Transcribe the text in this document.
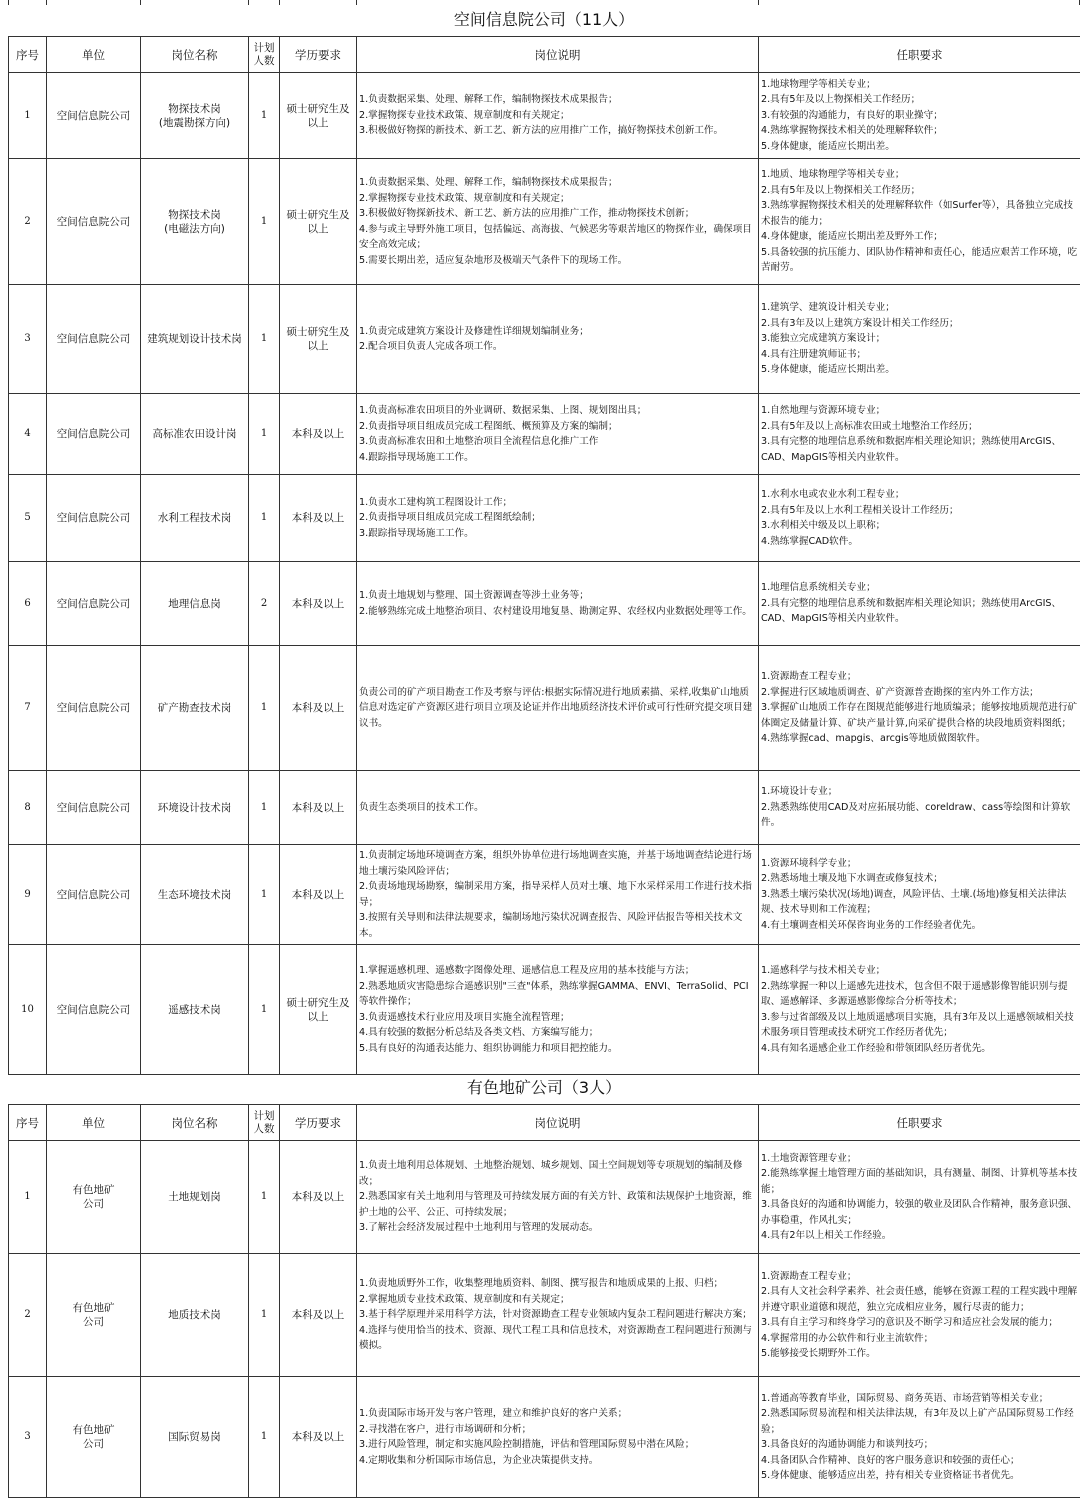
空间信息院公司（11人）
序号	单位	岗位名称	计划人数	学历要求	岗位说明	任职要求
1	空间信息院公司	物探技术岗
(地震勘探方向)	1	硕士研究生及以上	1.负责数据采集、处理、解释工作，编制物探技术成果报告；
2.掌握物探专业技术政策、规章制度和有关规定；
3.积极做好物探的新技术、新工艺、新方法的应用推广工作，搞好物探技术创新工作。	1.地球物理学等相关专业；
2.具有5年及以上物探相关工作经历；
3.有较强的沟通能力，有良好的职业操守；
4.熟练掌握物探技术相关的处理解释软件；
5.身体健康，能适应长期出差。

2	空间信息院公司	物探技术岗
(电磁法方向)	1	硕士研究生及以上	1.负责数据采集、处理、解释工作，编制物探技术成果报告；
2.掌握物探专业技术政策、规章制度和有关规定；
3.积极做好物探新技术、新工艺、新方法的应用推广工作，推动物探技术创新；
4.参与或主导野外施工项目，包括偏远、高海拔、气候恶劣等艰苦地区的物探作业，确保项目安全高效完成；
5.需要长期出差，适应复杂地形及极端天气条件下的现场工作。	1.地质、地球物理学等相关专业；
2.具有5年及以上物探相关工作经历；
3.熟练掌握物探技术相关的处理解释软件（如Surfer等），具备独立完成技术报告的能力；
4.身体健康，能适应长期出差及野外工作；
5.具备较强的抗压能力、团队协作精神和责任心，能适应艰苦工作环境，吃苦耐劳。

3	空间信息院公司	建筑规划设计技术岗	1	硕士研究生及以上	1.负责完成建筑方案设计及修建性详细规划编制业务；
2.配合项目负责人完成各项工作。	1.建筑学、建筑设计相关专业；
2.具有3年及以上建筑方案设计相关工作经历；
3.能独立完成建筑方案设计；
4.具有注册建筑师证书；
5.身体健康，能适应长期出差。

4	空间信息院公司	高标准农田设计岗	1	本科及以上	1.负责高标准农田项目的外业调研、数据采集、上图、规划图出具；
2.负责指导项目组成员完成工程图纸、概预算及方案的编制；
3.负责高标准农田和土地整治项目全流程信息化推广工作
4.跟踪指导现场施工工作。	1.自然地理与资源环境专业；
2.具有5年及以上高标准农田或土地整治工作经历；
3.具有完整的地理信息系统和数据库相关理论知识；熟练使用ArcGIS、CAD、MapGIS等相关内业软件。

5	空间信息院公司	水利工程技术岗	1	本科及以上	1.负责水工建构筑工程图设计工作；
2.负责指导项目组成员完成工程图纸绘制；
3.跟踪指导现场施工工作。	1.水利水电或农业水利工程专业；
2.具有5年及以上水利工程相关设计工作经历；
3.水利相关中级及以上职称；
4.熟练掌握CAD软件。

6	空间信息院公司	地理信息岗	2	本科及以上	1.负责土地规划与整理、国土资源调查等涉土业务等；
2.能够熟练完成土地整治项目、农村建设用地复垦、勘测定界、农经权内业数据处理等工作。	1.地理信息系统相关专业；
2.具有完整的地理信息系统和数据库相关理论知识；熟练使用ArcGIS、CAD、MapGIS等相关内业软件。

7	空间信息院公司	矿产勘查技术岗	1	本科及以上	负责公司的矿产项目勘查工作及考察与评估:根据实际情况进行地质素描、采样,收集矿山地质信息对选定矿产资源区进行项目立项及论证并作出地质经济技术评价或可行性研究提交项目建议书。	1.资源勘查工程专业；
2.掌握进行区域地质调查、矿产资源普查勘探的室内外工作方法；
3.掌握矿山地质工作存在图规范能够进行地质编录；能够按地质规范进行矿体圈定及储量计算、矿块产量计算,向采矿提供合格的块段地质资料图纸；
4.熟练掌握cad、mapgis、arcgis等地质做图软件。

8	空间信息院公司	环境设计技术岗	1	本科及以上	负责生态类项目的技术工作。	1.环境设计专业；
2.熟悉熟练使用CAD及对应拓展功能、coreldraw、cass等绘图和计算软件。

9	空间信息院公司	生态环境技术岗	1	本科及以上	1.负责制定场地环境调查方案，组织外协单位进行场地调查实施，并基于场地调查结论进行场地土壤污染风险评估；
2.负责场地现场勘察，编制采用方案，指导采样人员对土壤、地下水采样采用工作进行技术指导；
3.按照有关导则和法律法规要求，编制场地污染状况调查报告、风险评估报告等相关技术文本。	1.资源环境科学专业；
2.熟悉场地土壤及地下水调查或修复技术；
3.熟悉土壤污染状况(场地)调查，风险评估、土壤.(场地)修复相关法律法规、技术导则和工作流程；
4.有土壤调查相关环保咨询业务的工作经验者优先。

10	空间信息院公司	遥感技术岗	1	硕士研究生及以上	1.掌握遥感机理、遥感数字图像处理、遥感信息工程及应用的基本技能与方法；
2.熟悉地质灾害隐患综合遥感识别"三查"体系，熟练掌握GAMMA、ENVI、TerraSolid、PCI等软件操作；
3.负责遥感技术行业应用及项目实施全流程管理；
4.具有较强的数据分析总结及各类文档、方案编写能力；
5.具有良好的沟通表达能力、组织协调能力和项目把控能力。	1.遥感科学与技术相关专业；
2.熟练掌握一种以上遥感先进技术，包含但不限于遥感影像智能识别与提取、遥感解译、多源遥感影像综合分析等技术；
3.参与过省部级及以上地质遥感项目实施，具有3年及以上遥感领域相关技术服务项目管理或技术研究工作经历者优先；
4.具有知名遥感企业工作经验和带领团队经历者优先。
有色地矿公司（3人）
序号	单位	岗位名称	计划人数	学历要求	岗位说明	任职要求
1	有色地矿
公司	土地规划岗	1	本科及以上	1.负责土地利用总体规划、土地整治规划、城乡规划、国土空间规划等专项规划的编制及修改；
2.熟悉国家有关土地利用与管理及可持续发展方面的有关方针、政策和法规保护土地资源，维护土地的公平、公正、可持续发展；
3.了解社会经济发展过程中土地利用与管理的发展动态。	1.土地资源管理专业；
2.能熟练掌握土地管理方面的基础知识，具有测量、制图、计算机等基本技能；
3.具备良好的沟通和协调能力，较强的敬业及团队合作精神，服务意识强、办事稳重，作风扎实；
4.具有2年以上相关工作经验。

2	有色地矿
公司	地质技术岗	1	本科及以上	1.负责地质野外工作，收集整理地质资料、制图、撰写报告和地质成果的上报、归档；
2.掌握地质专业技术政策、规章制度和有关规定；
3.基于科学原理并采用科学方法，针对资源勘查工程专业领域内复杂工程问题进行解决方案；
4.选择与使用恰当的技术、资源、现代工程工具和信息技术，对资源勘查工程问题进行预测与模拟。	1.资源勘查工程专业；
2.具有人文社会科学素养、社会责任感，能够在资源工程的工程实践中理解并遵守职业道德和规范，独立完成相应业务，履行尽责的能力；
3.具有自主学习和终身学习的意识及不断学习和适应社会发展的能力；
4.掌握常用的办公软件和行业主流软件；
5.能够接受长期野外工作。

3	有色地矿
公司	国际贸易岗	1	本科及以上	1.负责国际市场开发与客户管理，建立和维护良好的客户关系；
2.寻找潜在客户，进行市场调研和分析；
3.进行风险管理，制定和实施风险控制措施，评估和管理国际贸易中潜在风险；
4.定期收集和分析国际市场信息，为企业决策提供支持。	1.普通高等教育毕业，国际贸易、商务英语、市场营销等相关专业；
2.熟悉国际贸易流程和相关法律法规，有3年及以上矿产品国际贸易工作经验；
3.具备良好的沟通协调能力和谈判技巧；
4.具备团队合作精神、良好的客户服务意识和较强的责任心；
5.身体健康、能够适应出差，持有相关专业资格证书者优先。
